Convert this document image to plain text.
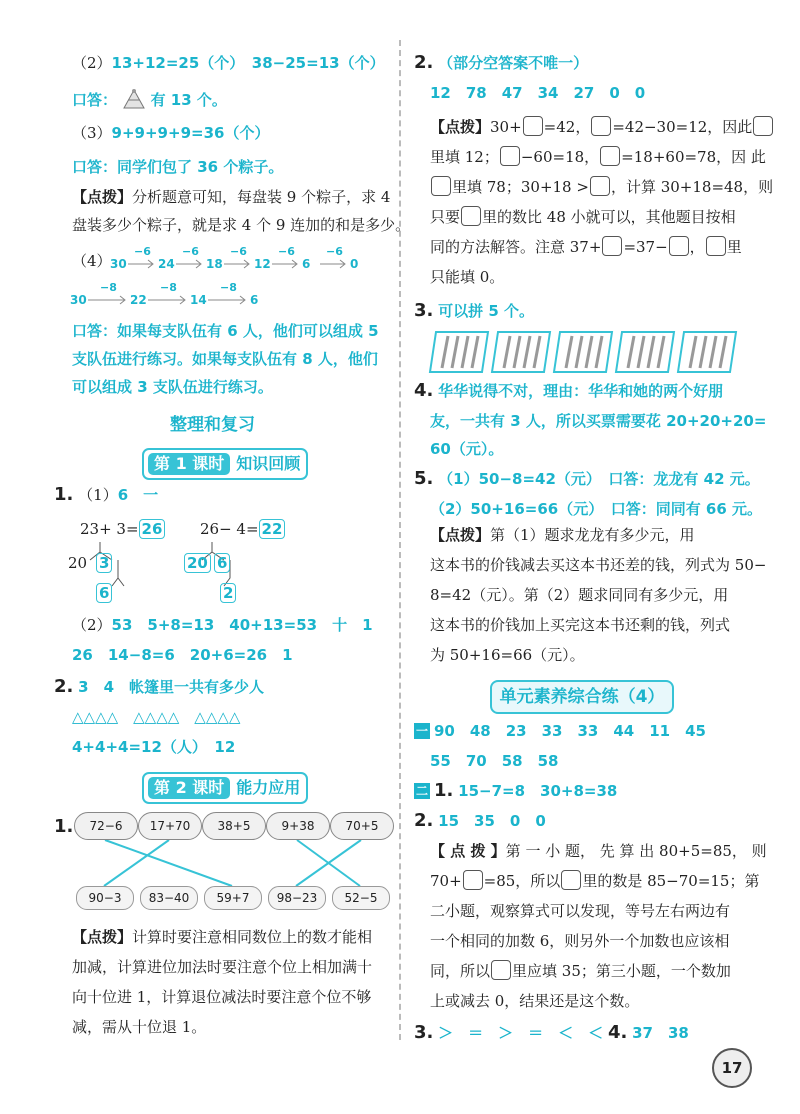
（2）13+12=25（个）　38−25=13（个）
口答： 有 13 个。
（3）9+9+9+9=36（个）
口答：同学们包了 36 个粽子。
【点拨】分析题意可知，每盘装 9 个粽子，求 4
盘装多少个粽子，就是求 4 个 9 连加的和是多少。
（4）
30
−6
24
−6
18
−6
12
−6
6
−6
0
30
−8
22
−8
14
−8
6
口答：如果每支队伍有 6 人，他们可以组成 5
支队伍进行练习。如果每支队伍有 8 人，他们
可以组成 3 支队伍进行练习。
整理和复习
第 1 课时 知识回顾
1. （1）6　一
23+ 3= 26
20 3
6
26− 4= 22
20 6
2
（2）53　5+8=13　40+13=53　十　1
26　14−8=6　20+6=26　1
2. 3　4　帐篷里一共有多少人
△△△△　△△△△　△△△△
4+4+4=12（人）　12
第 2 课时 能力应用
1.
【点拨】计算时要注意相同数位上的数才能相
加减，计算进位加法时要注意个位上相加满十
向十位进 1，计算退位减法时要注意个位不够
减，需从十位退 1。
72−6	17+70	38+5	9+38	70+5
90−3	83−40	59+7	98−23	52−5
2. （部分空答案不唯一）
12　78　47　34　27　0　0
【点拨】30+ =42， =42−30=12，因此
里填 12； −60=18， =18+60=78，因 此
里填 78；30+18 > ，计算 30+18=48，则
只要 里的数比 48 小就可以，其他题目按相
同的方法解答。注意 37+ =37− ， 里
只能填 0。
3. 可以拼 5 个。
4. 华华说得不对，理由：华华和她的两个好朋
友，一共有 3 人，所以买票需要花 20+20+20=
60（元）。
5. （1）50−8=42（元）　口答：龙龙有 42 元。
（2）50+16=66（元）　口答：同同有 66 元。
【点拨】第（1）题求龙龙有多少元，用
这本书的价钱减去买这本书还差的钱，列式为 50−
8=42（元）。第（2）题求同同有多少元，用
这本书的价钱加上买完这本书还剩的钱，列式
为 50+16=66（元）。
单元素养综合练（4）
一 90　48　23　33　33　44　11　45
55　70　58　58
二 1. 15−7=8　30+8=38
2. 15　35　0　0
【 点 拨 】第 一 小 题， 先 算 出 80+5=85， 则
70+ =85，所以 里的数是 85−70=15；第
二小题，观察算式可以发现，等号左右两边有
一个相同的加数 6，则另外一个加数也应该相
同，所以 里应填 35；第三小题，一个数加
上或减去 0，结果还是这个数。
3. ＞　＝　＞　＝　＜　＜ 4. 37　38
17
